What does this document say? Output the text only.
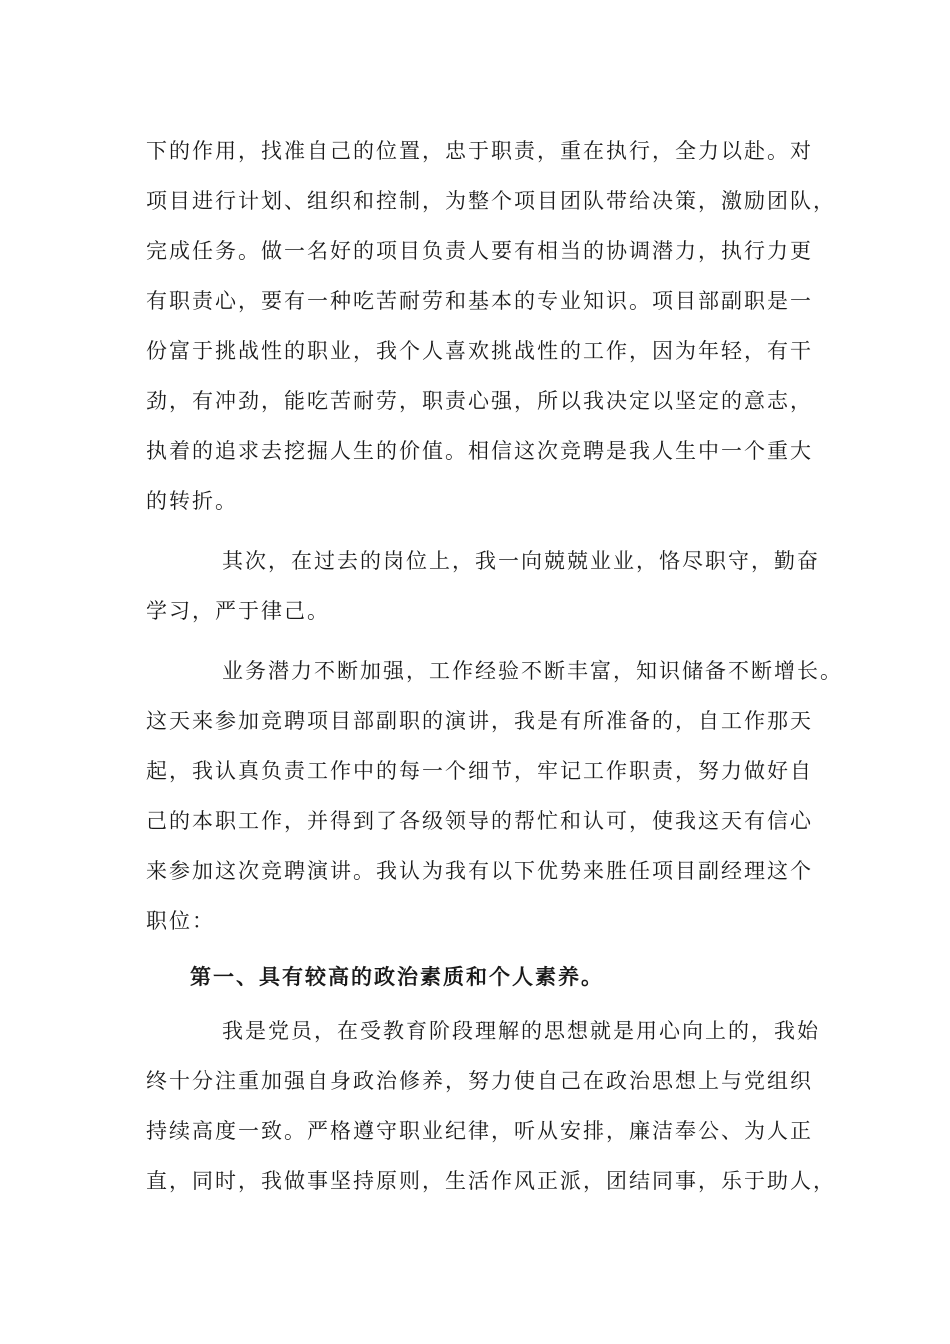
下的作用，找准自己的位置，忠于职责，重在执行，全力以赴。对

项目进行计划、组织和控制，为整个项目团队带给决策，激励团队，

完成任务。做一名好的项目负责人要有相当的协调潜力，执行力更

有职责心，要有一种吃苦耐劳和基本的专业知识。项目部副职是一

份富于挑战性的职业，我个人喜欢挑战性的工作，因为年轻，有干

劲，有冲劲，能吃苦耐劳，职责心强，所以我决定以坚定的意志，

执着的追求去挖掘人生的价值。相信这次竞聘是我人生中一个重大

的转折。

其次，在过去的岗位上，我一向兢兢业业，恪尽职守，勤奋

学习，严于律己。

业务潜力不断加强，工作经验不断丰富，知识储备不断增长。

这天来参加竞聘项目部副职的演讲，我是有所准备的，自工作那天

起，我认真负责工作中的每一个细节，牢记工作职责，努力做好自

己的本职工作，并得到了各级领导的帮忙和认可，使我这天有信心

来参加这次竞聘演讲。我认为我有以下优势来胜任项目副经理这个

职位：

第一、具有较高的政治素质和个人素养。

我是党员，在受教育阶段理解的思想就是用心向上的，我始

终十分注重加强自身政治修养，努力使自己在政治思想上与党组织

持续高度一致。严格遵守职业纪律，听从安排，廉洁奉公、为人正

直，同时，我做事坚持原则，生活作风正派，团结同事，乐于助人，
